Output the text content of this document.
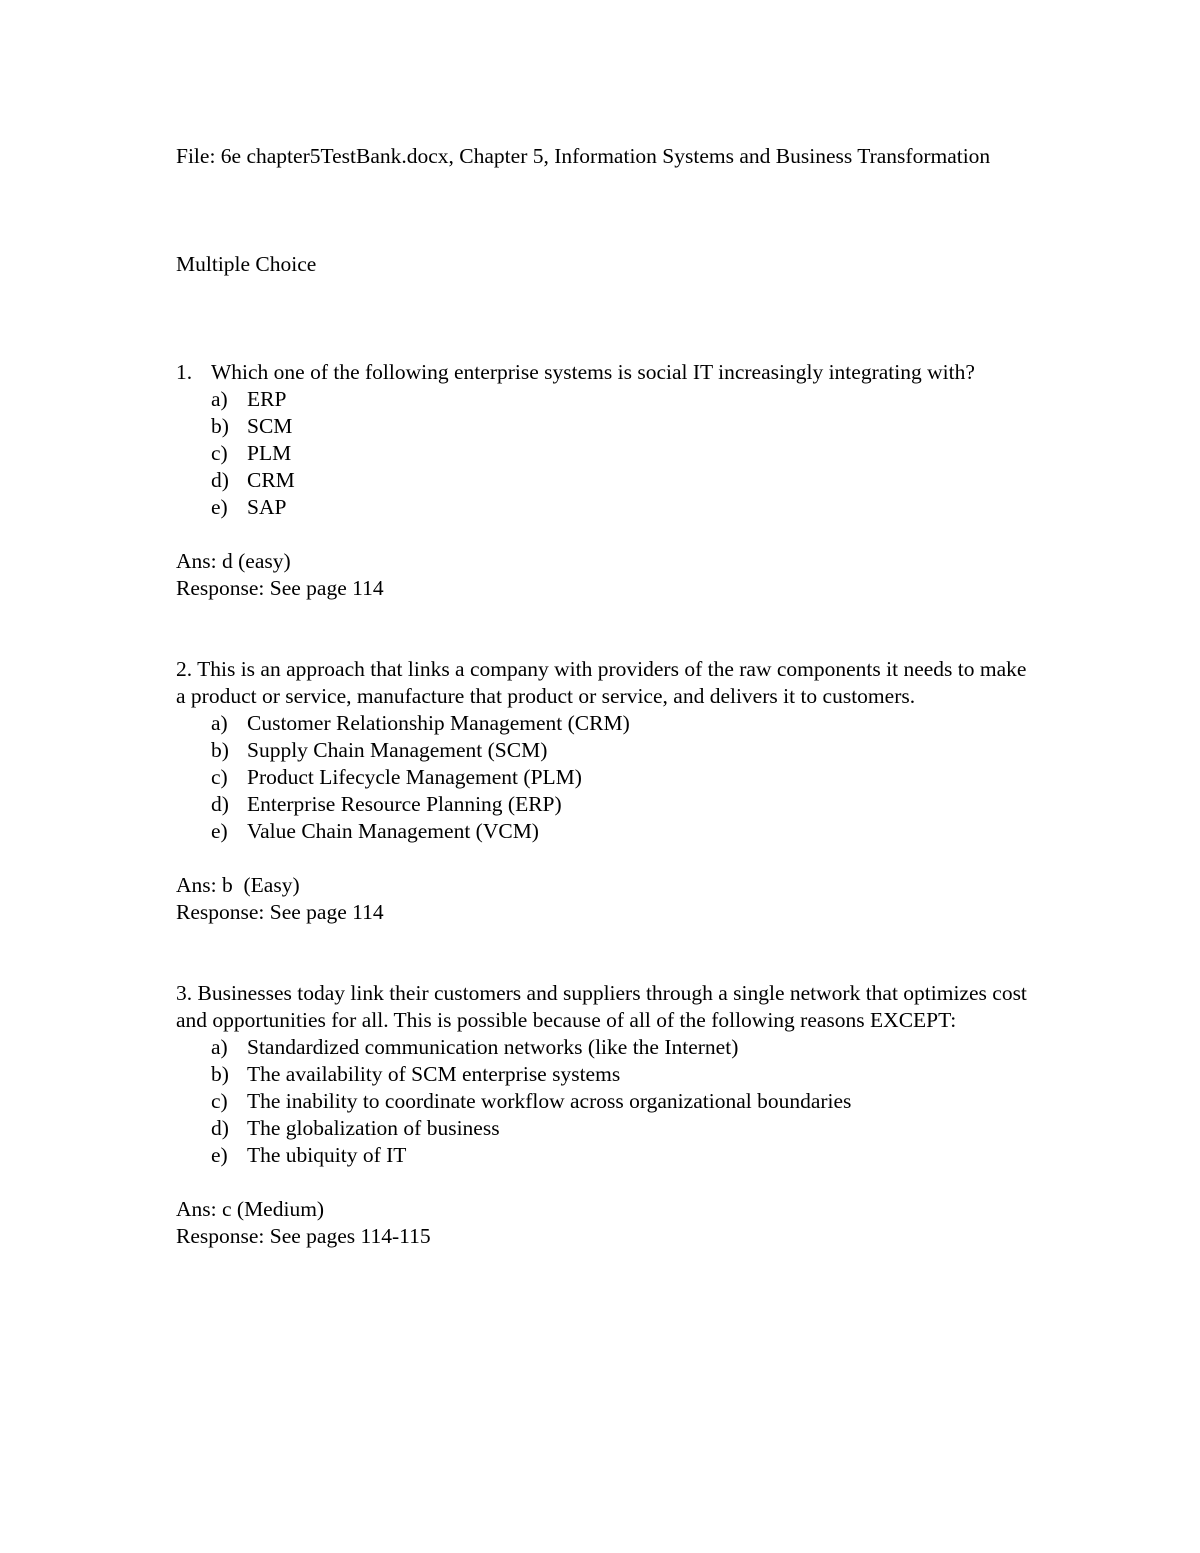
File: 6e chapter5TestBank.docx, Chapter 5, Information Systems and Business Transformation
Multiple Choice
1. Which one of the following enterprise systems is social IT increasingly integrating with?
a) ERP
b) SCM
c) PLM
d) CRM
e) SAP
Ans: d (easy)
Response: See page 114
2. This is an approach that links a company with providers of the raw components it needs to make a product or service, manufacture that product or service, and delivers it to customers.
a) Customer Relationship Management (CRM)
b) Supply Chain Management (SCM)
c) Product Lifecycle Management (PLM)
d) Enterprise Resource Planning (ERP)
e) Value Chain Management (VCM)
Ans: b  (Easy)
Response: See page 114
3. Businesses today link their customers and suppliers through a single network that optimizes cost and opportunities for all. This is possible because of all of the following reasons EXCEPT:
a) Standardized communication networks (like the Internet)
b) The availability of SCM enterprise systems
c) The inability to coordinate workflow across organizational boundaries
d) The globalization of business
e) The ubiquity of IT
Ans: c (Medium)
Response: See pages 114-115
